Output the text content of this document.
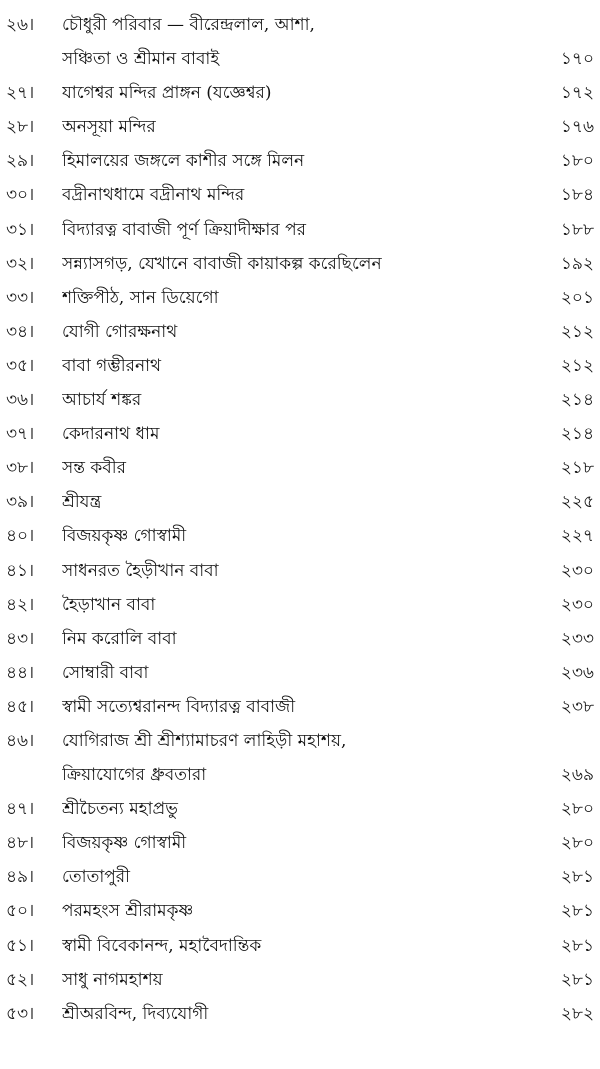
২৬।	চৌধুরী পরিবার — বীরেন্দ্রলাল, আশা,
সঞ্চিতা ও শ্রীমান বাবাই	১৭০
২৭।	যাগেশ্বর মন্দির প্রাঙ্গন (যজ্ঞেশ্বর)	১৭২
২৮।	অনসূয়া মন্দির	১৭৬
২৯।	হিমালয়ের জঙ্গলে কাশীর সঙ্গে মিলন	১৮০
৩০।	বদ্রীনাথধামে বদ্রীনাথ মন্দির	১৮৪
৩১।	বিদ্যারত্ন বাবাজী পূর্ণ ক্রিয়াদীক্ষার পর	১৮৮
৩২।	সন্ন্যাসগড়, যেখানে বাবাজী কায়াকল্প করেছিলেন	১৯২
৩৩।	শক্তিপীঠ, সান ডিয়েগো	২০১
৩৪।	যোগী গোরক্ষনাথ	২১২
৩৫।	বাবা গম্ভীরনাথ	২১২
৩৬।	আচার্য শঙ্কর	২১৪
৩৭।	কেদারনাথ ধাম	২১৪
৩৮।	সন্ত কবীর	২১৮
৩৯।	শ্রীযন্ত্র	২২৫
৪০।	বিজয়কৃষ্ণ গোস্বামী	২২৭
৪১।	সাধনরত হৈড়ীখান বাবা	২৩০
৪২।	হৈড়াখান বাবা	২৩০
৪৩।	নিম করোলি বাবা	২৩৩
৪৪।	সোম্বারী বাবা	২৩৬
৪৫।	স্বামী সত্যেশ্বরানন্দ বিদ্যারত্ন বাবাজী	২৩৮
৪৬।	যোগিরাজ শ্রী শ্রীশ্যামাচরণ লাহিড়ী মহাশয়,
ক্রিয়াযোগের ধ্রুবতারা	২৬৯
৪৭।	শ্রীচৈতন্য মহাপ্রভু	২৮০
৪৮।	বিজয়কৃষ্ণ গোস্বামী	২৮০
৪৯।	তোতাপুরী	২৮১
৫০।	পরমহংস শ্রীরামকৃষ্ণ	২৮১
৫১।	স্বামী বিবেকানন্দ, মহাবৈদান্তিক	২৮১
৫২।	সাধু নাগমহাশয়	২৮১
৫৩।	শ্রীঅরবিন্দ, দিব্যযোগী	২৮২
